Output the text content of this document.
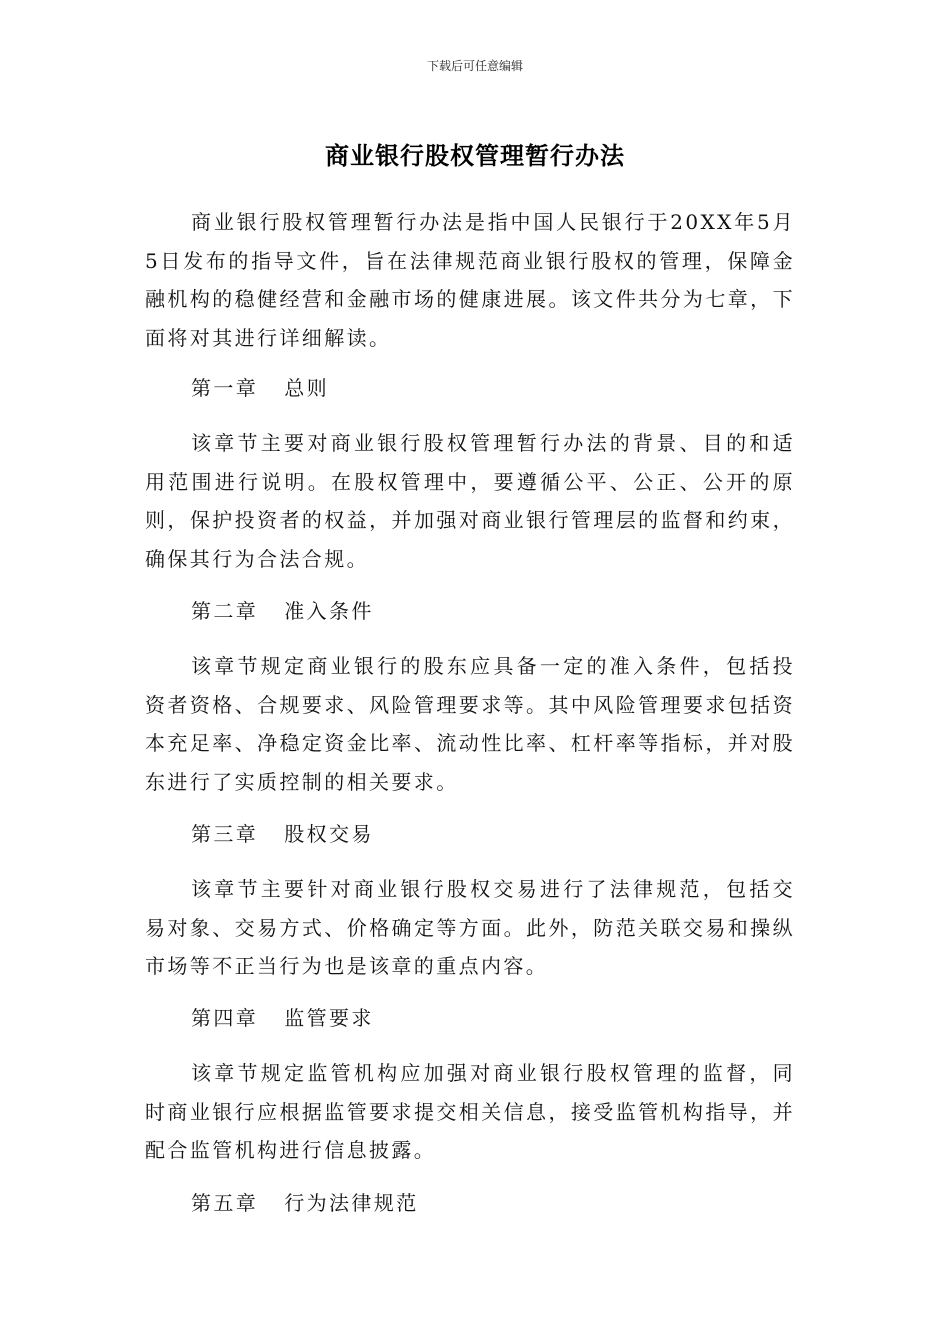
下载后可任意编辑
商业银行股权管理暂行办法
商业银行股权管理暂行办法是指中国人民银行于20XX年5月5日发布的指导文件，旨在法律规范商业银行股权的管理，保障金融机构的稳健经营和金融市场的健康进展。该文件共分为七章，下面将对其进行详细解读。
第一章 总则
该章节主要对商业银行股权管理暂行办法的背景、目的和适用范围进行说明。在股权管理中，要遵循公平、公正、公开的原则，保护投资者的权益，并加强对商业银行管理层的监督和约束，确保其行为合法合规。
第二章 准入条件
该章节规定商业银行的股东应具备一定的准入条件，包括投资者资格、合规要求、风险管理要求等。其中风险管理要求包括资本充足率、净稳定资金比率、流动性比率、杠杆率等指标，并对股东进行了实质控制的相关要求。
第三章 股权交易
该章节主要针对商业银行股权交易进行了法律规范，包括交易对象、交易方式、价格确定等方面。此外，防范关联交易和操纵市场等不正当行为也是该章的重点内容。
第四章 监管要求
该章节规定监管机构应加强对商业银行股权管理的监督，同时商业银行应根据监管要求提交相关信息，接受监管机构指导，并配合监管机构进行信息披露。
第五章 行为法律规范
